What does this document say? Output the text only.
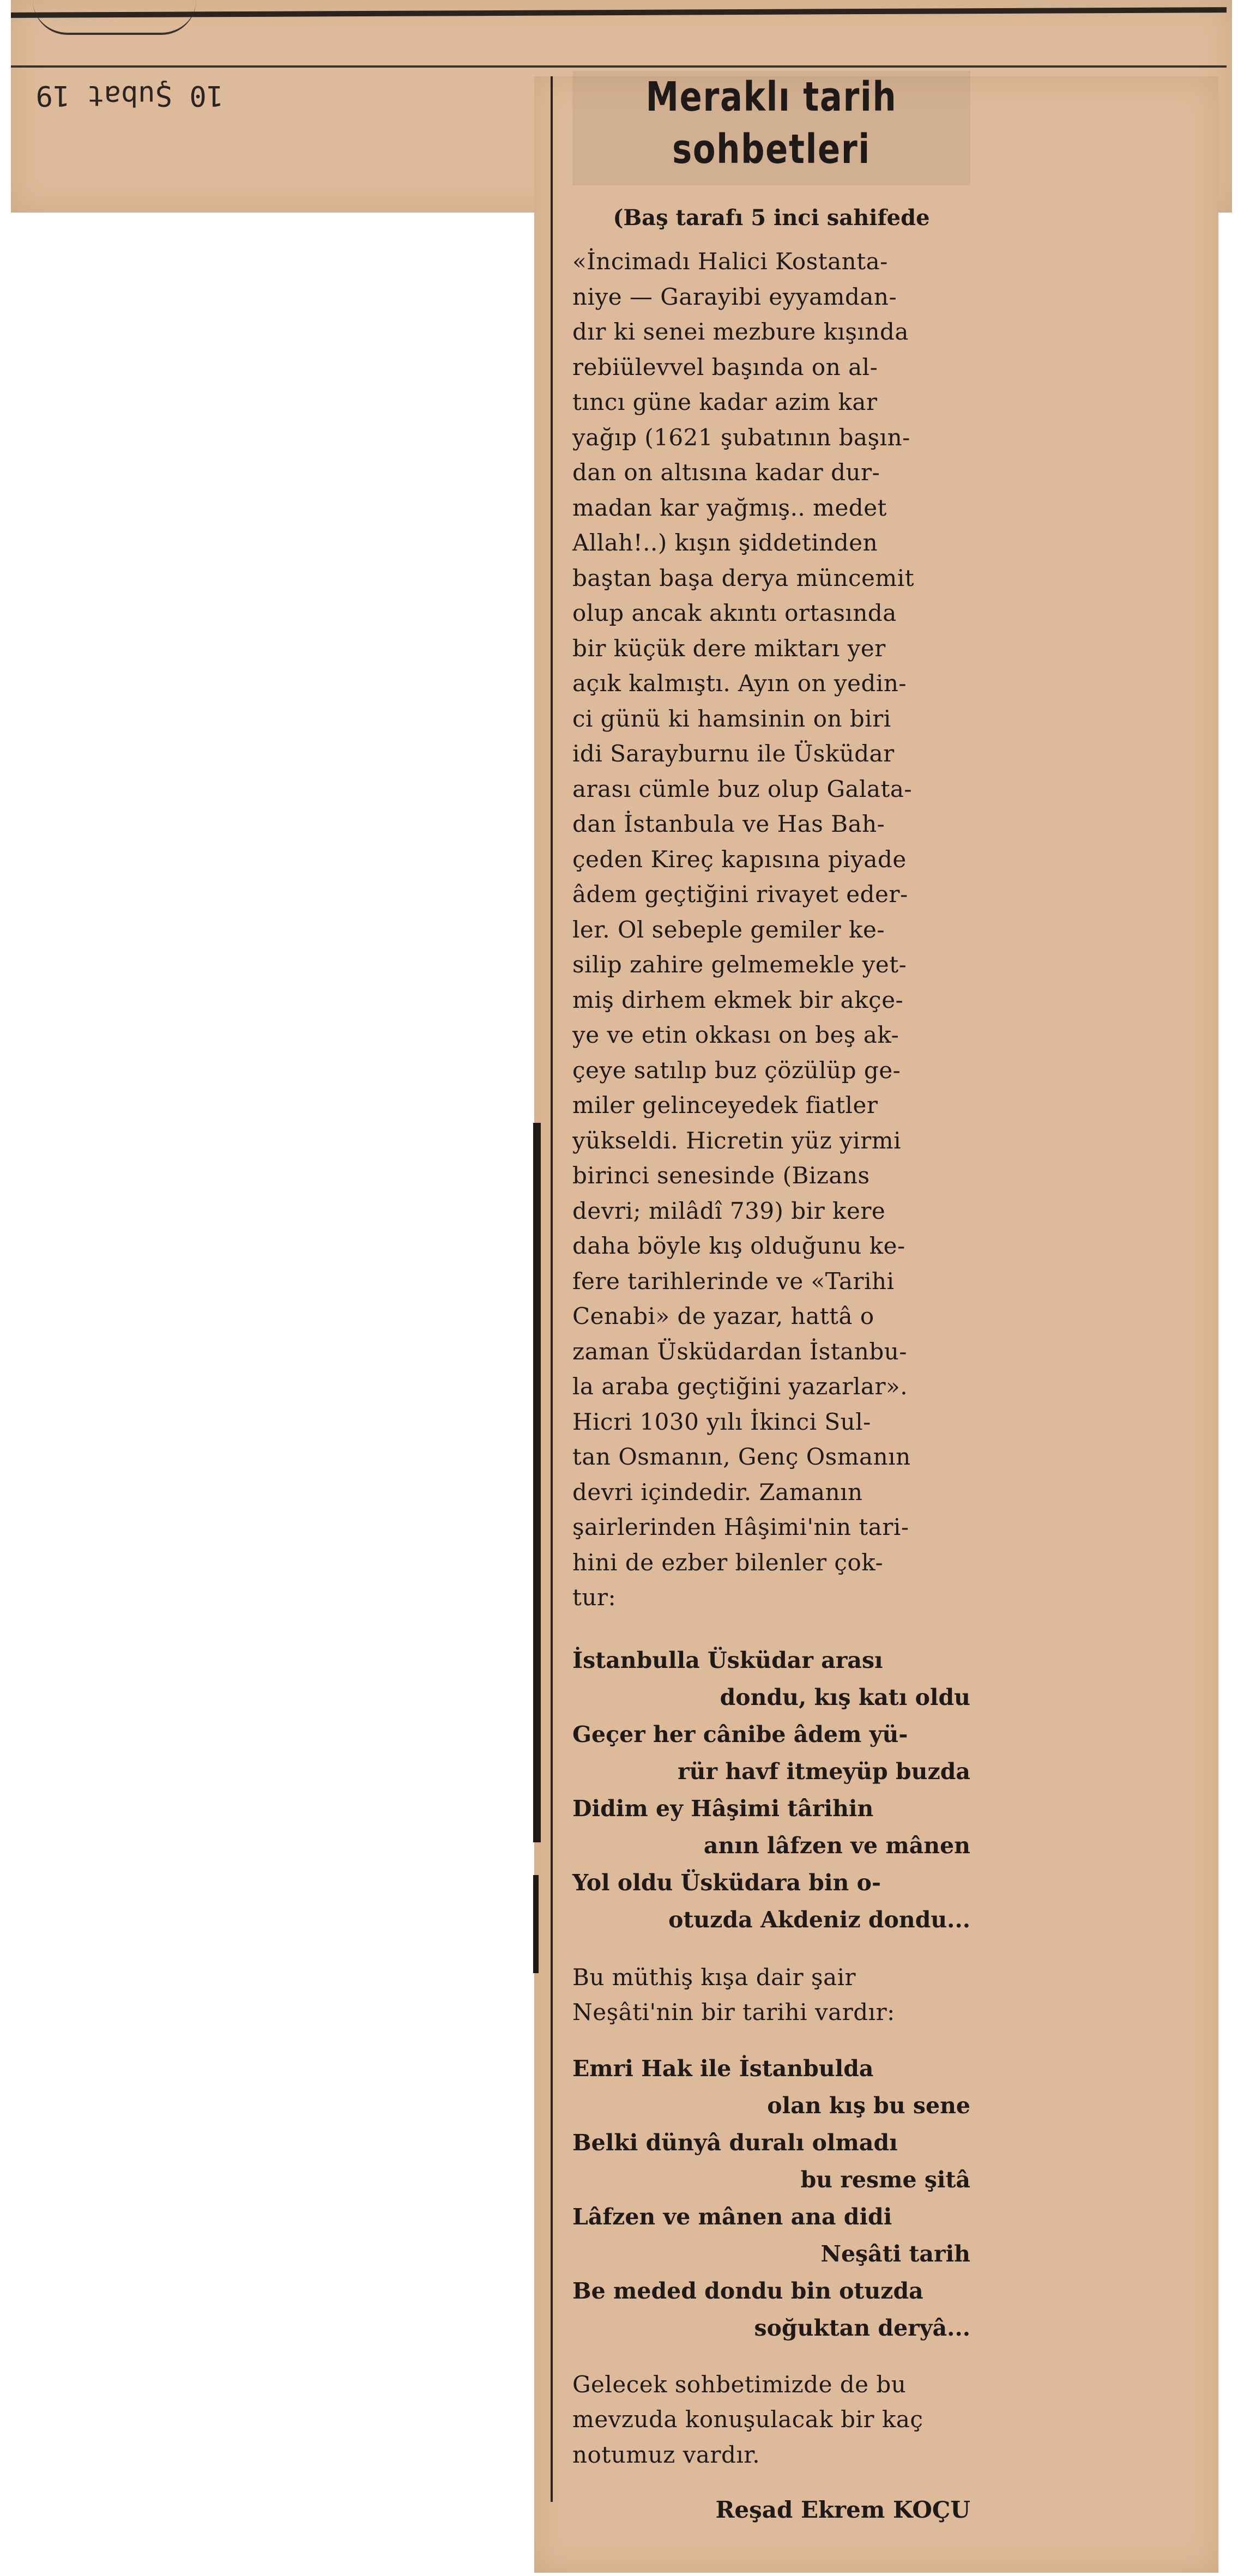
10 Şubat 19	Meraklı tarih
sohbetleri
(Baş tarafı 5 inci sahifede
«İncimadı Halici Kostanta-
niye — Garayibi eyyamdan-
dır ki senei mezbure kışında
rebiülevvel başında on al-
tıncı güne kadar azim kar
yağıp (1621 şubatının başın-
dan on altısına kadar dur-
madan kar yağmış.. medet
Allah!..) kışın şiddetinden
baştan başa derya müncemit
olup ancak akıntı ortasında
bir küçük dere miktarı yer
açık kalmıştı. Ayın on yedin-
ci günü ki hamsinin on biri
idi Sarayburnu ile Üsküdar
arası cümle buz olup Galata-
dan İstanbula ve Has Bah-
çeden Kireç kapısına piyade
âdem geçtiğini rivayet eder-
ler. Ol sebeple gemiler ke-
silip zahire gelmemekle yet-
miş dirhem ekmek bir akçe-
ye ve etin okkası on beş ak-
çeye satılıp buz çözülüp ge-
miler gelinceyedek fiatler
yükseldi. Hicretin yüz yirmi
birinci senesinde (Bizans
devri; milâdî 739) bir kere
daha böyle kış olduğunu ke-
fere tarihlerinde ve «Tarihi
Cenabi» de yazar, hattâ o
zaman Üsküdardan İstanbu-
la araba geçtiğini yazarlar».
Hicri 1030 yılı İkinci Sul-
tan Osmanın, Genç Osmanın
devri içindedir. Zamanın
şairlerinden Hâşimi'nin tari-
hini de ezber bilenler çok-
tur:
İstanbulla Üsküdar arası
dondu, kış katı oldu
Geçer her cânibe âdem yü-
rür havf itmeyüp buzda
Didim ey Hâşimi târihin
anın lâfzen ve mânen
Yol oldu Üsküdara bin o-
otuzda Akdeniz dondu...
Bu müthiş kışa dair şair
Neşâti'nin bir tarihi vardır:
Emri Hak ile İstanbulda
olan kış bu sene
Belki dünyâ duralı olmadı
bu resme şitâ
Lâfzen ve mânen ana didi
Neşâti tarih
Be meded dondu bin otuzda
soğuktan deryâ...
Gelecek sohbetimizde de bu
mevzuda konuşulacak bir kaç
notumuz vardır.
Reşad Ekrem KOÇU
